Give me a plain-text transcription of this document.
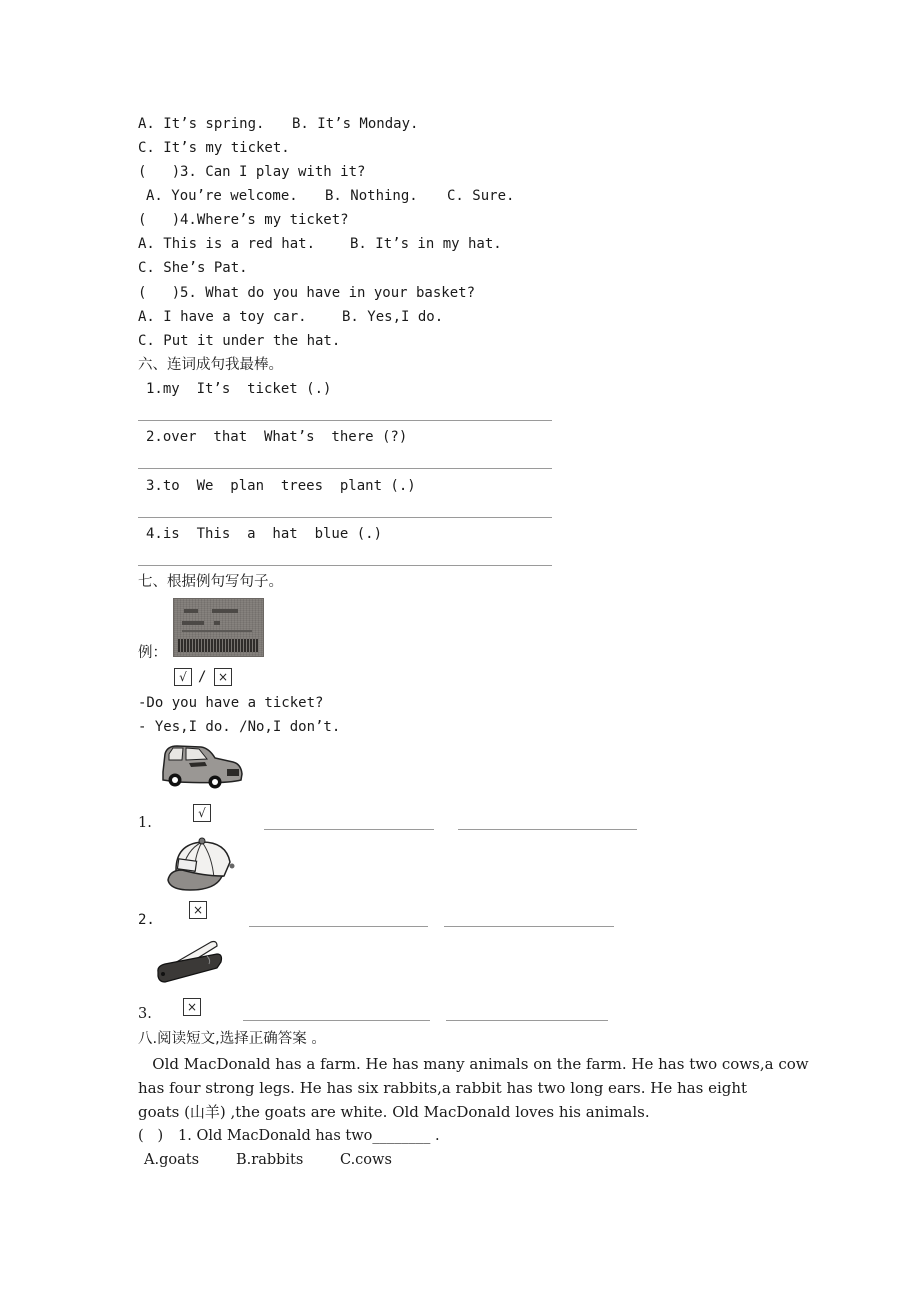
A. It’s spring. B. It’s Monday.
C. It’s my ticket.
(   ) 3. Can I play with it?
A. You’re welcome. B. Nothing. C. Sure.
(   ) 4.Where’s my ticket?
A. This is a red hat. B. It’s in my hat.
C. She’s Pat.
(   ) 5. What do you have in your basket?
A. I have a toy car.	B. Yes,I do.
C. Put it under the hat.
六、连词成句我最棒。
1.my  It’s  ticket (.)
2.over  that  What’s  there (?)
3.to  We  plan  trees  plant (.)
4.is  This  a  hat  blue (.)
七、根据例句写句子。
例：
√ / ×
-Do you have a ticket?
- Yes,I do. /No,I don’t.
√
1.
×
2.
×
3.
八.阅读短文,选择正确答案 。
Old MacDonald has a farm. He has many animals on the farm. He has two cows,a cow
has four strong legs. He has six rabbits,a rabbit has two long ears. He has eight
goats (山羊) ,the goats are white. Old MacDonald loves his animals.
(   ) 1. Old MacDonald has two________ .
A.goats	B.rabbits	C.cows
